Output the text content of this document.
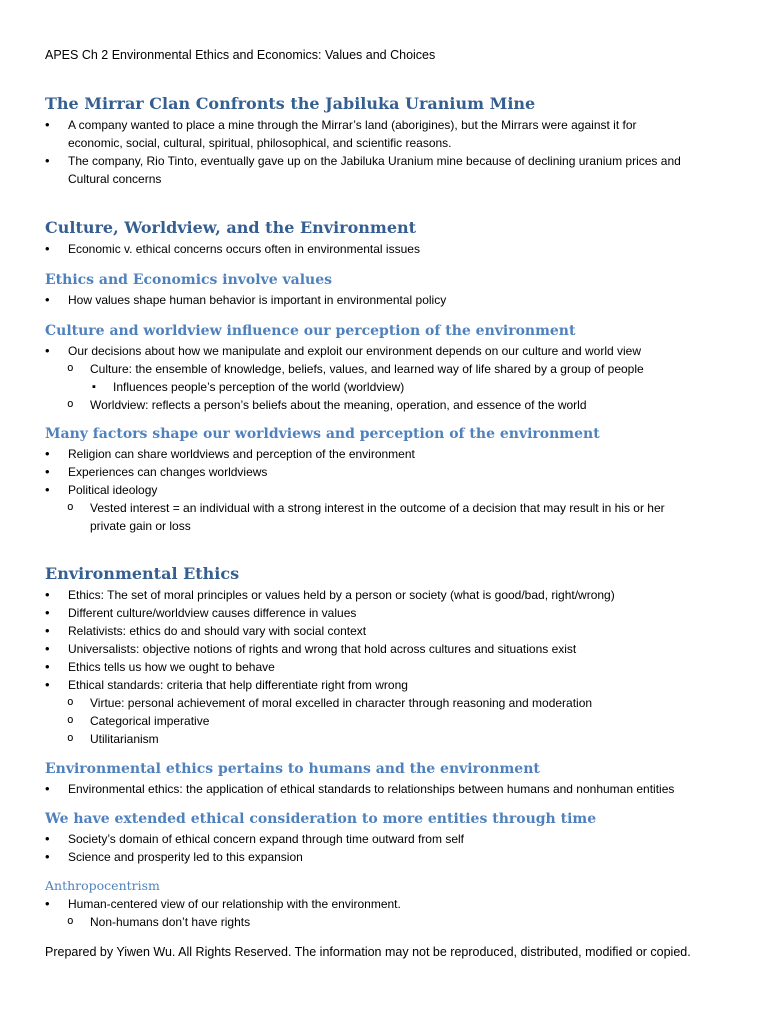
APES Ch 2 Environmental Ethics and Economics: Values and Choices
The Mirrar Clan Confronts the Jabiluka Uranium Mine
• A company wanted to place a mine through the Mirrar’s land (aborigines), but the Mirrars were against it for
economic, social, cultural, spiritual, philosophical, and scientific reasons.
• The company, Rio Tinto, eventually gave up on the Jabiluka Uranium mine because of declining uranium prices and
Cultural concerns
Culture, Worldview, and the Environment
• Economic v. ethical concerns occurs often in environmental issues
Ethics and Economics involve values
• How values shape human behavior is important in environmental policy
Culture and worldview influence our perception of the environment
• Our decisions about how we manipulate and exploit our environment depends on our culture and world view
o Culture: the ensemble of knowledge, beliefs, values, and learned way of life shared by a group of people
▪ Influences people’s perception of the world (worldview)
o Worldview: reflects a person’s beliefs about the meaning, operation, and essence of the world
Many factors shape our worldviews and perception of the environment
• Religion can share worldviews and perception of the environment
• Experiences can changes worldviews
• Political ideology
o Vested interest = an individual with a strong interest in the outcome of a decision that may result in his or her
private gain or loss
Environmental Ethics
• Ethics: The set of moral principles or values held by a person or society (what is good/bad, right/wrong)
• Different culture/worldview causes difference in values
• Relativists: ethics do and should vary with social context
• Universalists: objective notions of rights and wrong that hold across cultures and situations exist
• Ethics tells us how we ought to behave
• Ethical standards: criteria that help differentiate right from wrong
o Virtue: personal achievement of moral excelled in character through reasoning and moderation
o Categorical imperative
o Utilitarianism
Environmental ethics pertains to humans and the environment
• Environmental ethics: the application of ethical standards to relationships between humans and nonhuman entities
We have extended ethical consideration to more entities through time
• Society’s domain of ethical concern expand through time outward from self
• Science and prosperity led to this expansion
Anthropocentrism
• Human-centered view of our relationship with the environment.
o Non-humans don’t have rights
Prepared by Yiwen Wu. All Rights Reserved. The information may not be reproduced, distributed, modified or copied.
